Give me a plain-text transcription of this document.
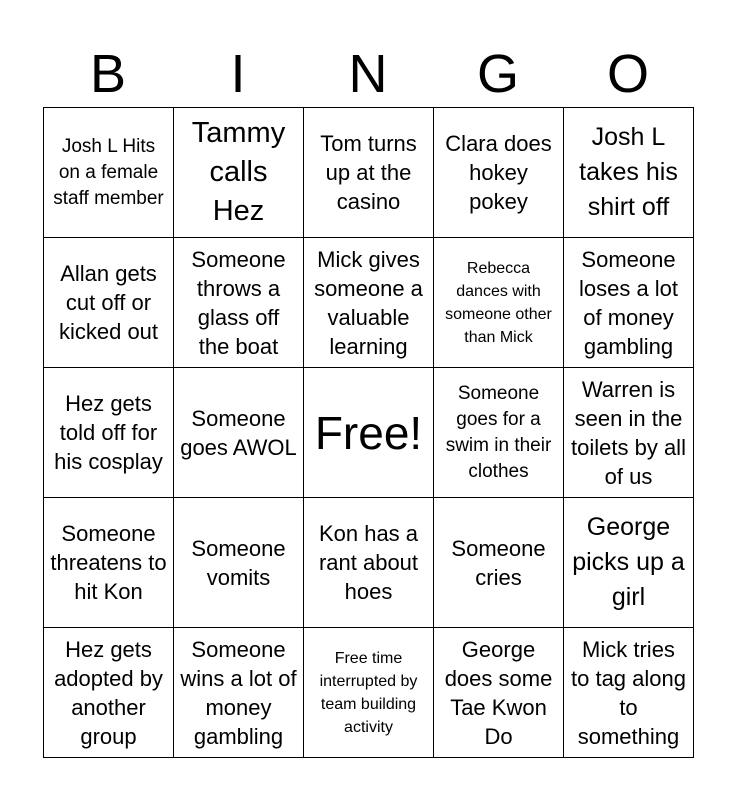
B	I	N	G	O
Josh L Hits on a female staff member	Tammy calls Hez	Tom turns up at the casino	Clara does hokey pokey	Josh L takes his shirt off

Allan gets cut off or kicked out	Someone throws a glass off the boat	Mick gives someone a valuable learning	Rebecca dances with someone other than Mick	Someone loses a lot of money gambling

Hez gets told off for his cosplay	Someone goes AWOL	Free!	Someone goes for a swim in their clothes	Warren is seen in the toilets by all of us

Someone threatens to hit Kon	Someone vomits	Kon has a rant about hoes	Someone cries	George picks up a girl

Hez gets adopted by another group	Someone wins a lot of money gambling	Free time interrupted by team building activity	George does some Tae Kwon Do	Mick tries to tag along to something
